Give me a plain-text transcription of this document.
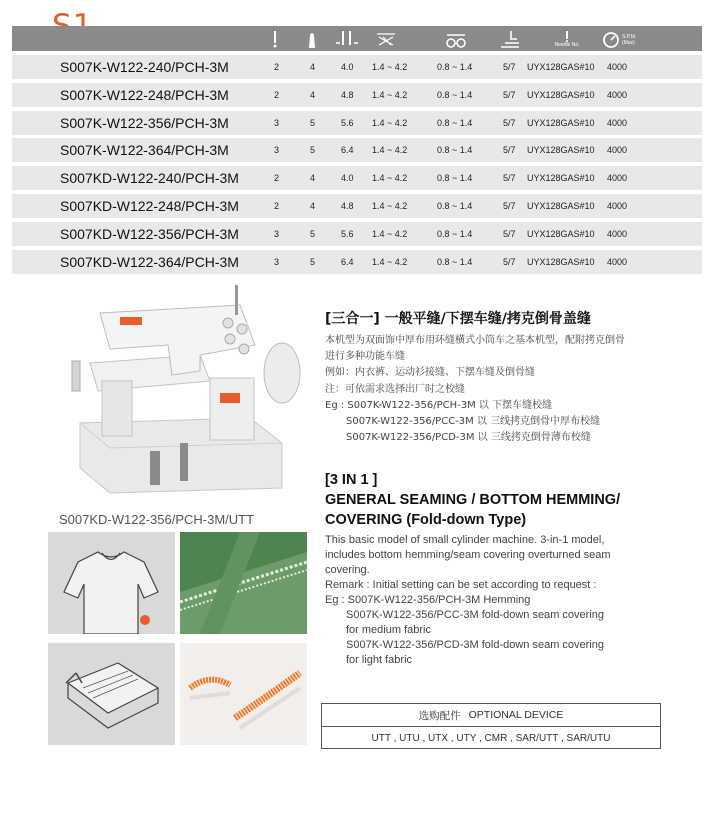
Needle No.
S.P.M. (Max)
S007K-W122-240/PCH-3M	2	4	4.0 1.4 ~ 4.2	0.8 ~ 1.4	5/7 UYX128GAS#10 4000
S007K-W122-248/PCH-3M	2	4	4.8 1.4 ~ 4.2	0.8 ~ 1.4	5/7 UYX128GAS#10 4000
S007K-W122-356/PCH-3M	3	5	5.6 1.4 ~ 4.2	0.8 ~ 1.4	5/7 UYX128GAS#10 4000
S007K-W122-364/PCH-3M	3	5	6.4 1.4 ~ 4.2	0.8 ~ 1.4	5/7 UYX128GAS#10 4000
S007KD-W122-240/PCH-3M	2	4	4.0 1.4 ~ 4.2	0.8 ~ 1.4	5/7 UYX128GAS#10 4000
S007KD-W122-248/PCH-3M	2	4	4.8 1.4 ~ 4.2	0.8 ~ 1.4	5/7 UYX128GAS#10 4000
S007KD-W122-356/PCH-3M	3	5	5.6 1.4 ~ 4.2	0.8 ~ 1.4	5/7 UYX128GAS#10 4000
S007KD-W122-364/PCH-3M	3	5	6.4 1.4 ~ 4.2	0.8 ~ 1.4	5/7 UYX128GAS#10 4000
S007KD-W122-356/PCH-3M/UTT
[三合一] 一般平缝/下摆车缝/拷克倒骨盖缝
本机型为双面饰中厚布用环缝横式小筒车之基本机型，配附拷克倒骨
进行多种功能车缝
例如：内衣裤、运动衫接缝、下摆车缝及倒骨缝
注：可依需求选择出厂时之校缝
Eg : S007K-W122-356/PCH-3M 以 下摆车缝校缝
S007K-W122-356/PCC-3M 以 三线拷克倒骨中厚布校缝
S007K-W122-356/PCD-3M 以 三线拷克倒骨薄布校缝
[3 IN 1 ]
GENERAL SEAMING / BOTTOM HEMMING/
COVERING (Fold-down Type)
This basic model of small cylinder machine. 3-in-1 model,
includes bottom hemming/seam covering overturned seam
covering.
Remark : Initial setting can be set according to request :
Eg : S007K-W122-356/PCH-3M Hemming
S007K-W122-356/PCC-3M fold-down seam covering
for medium fabric
S007K-W122-356/PCD-3M fold-down seam covering
for light fabric
选购配件 OPTIONAL DEVICE
UTT , UTU , UTX , UTY , CMR , SAR/UTT , SAR/UTU
